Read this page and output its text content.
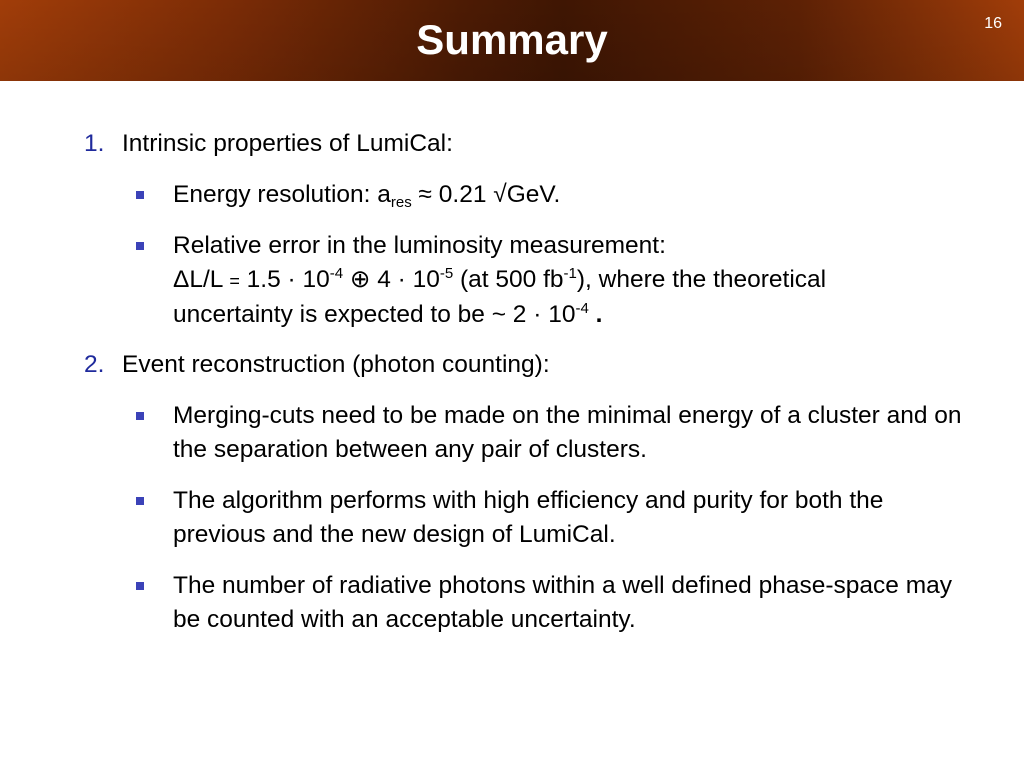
Summary	16
1. Intrinsic properties of LumiCal:
Energy resolution: $a_{res} \approx 0.21$ √GeV.
Relative error in the luminosity measurement:
$\Delta L/L = 1.5 \cdot 10^{-4}$ ⊕ $4 \cdot 10^{-5}$ (at 500 $fb^{-1}$), where the theoretical
uncertainty is expected to be ~ $2 \cdot 10^{-4}$ .
2. Event reconstruction (photon counting):
Merging-cuts need to be made on the minimal energy of a cluster and on the separation between any pair of clusters.
The algorithm performs with high efficiency and purity for both the previous and the new design of LumiCal.
The number of radiative photons within a well defined phase-space may be counted with an acceptable uncertainty.
